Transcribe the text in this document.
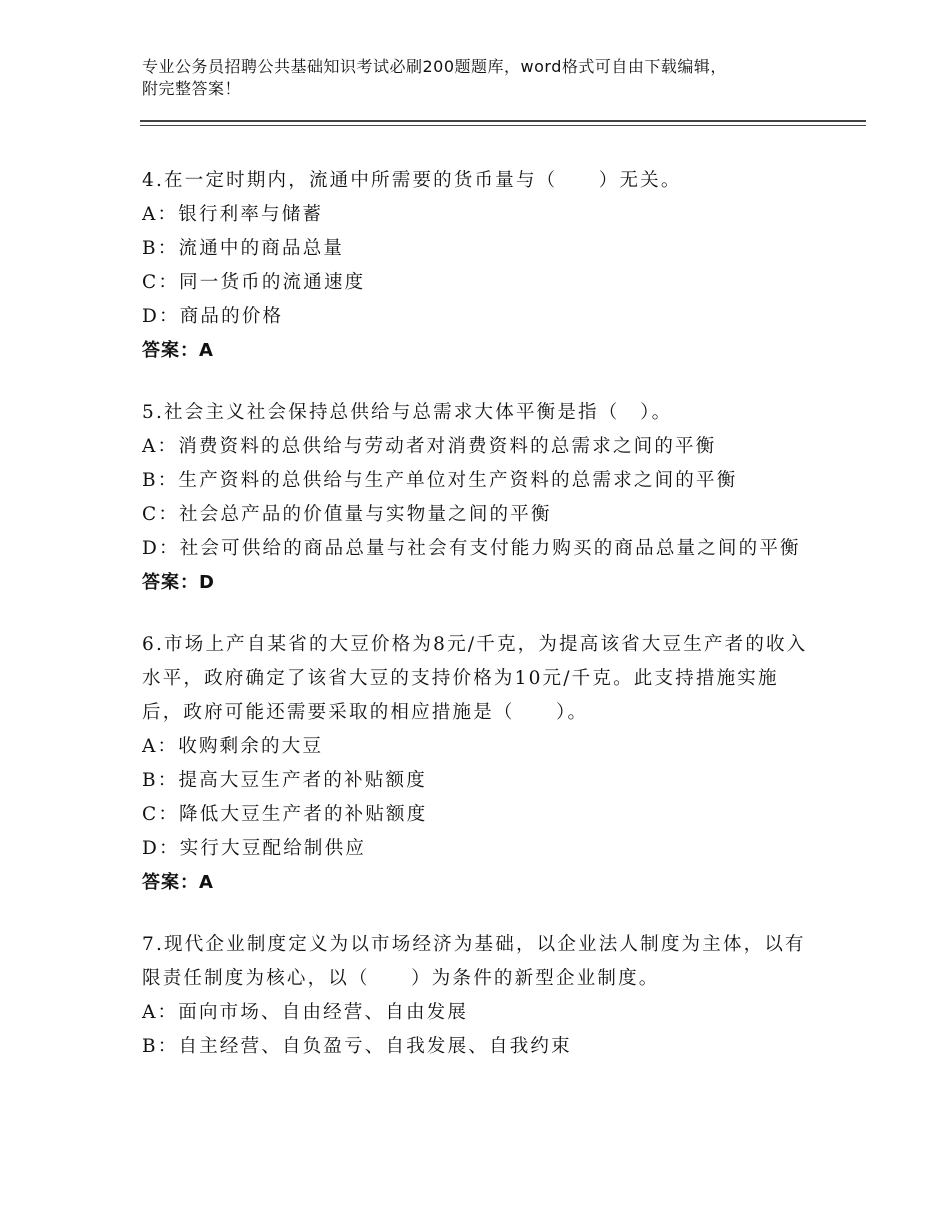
专业公务员招聘公共基础知识考试必刷200题题库，word格式可自由下载编辑，
附完整答案！

4.在一定时期内，流通中所需要的货币量与（　　）无关。

A：银行利率与储蓄

B：流通中的商品总量

C：同一货币的流通速度

D：商品的价格

答案：A

5.社会主义社会保持总供给与总需求大体平衡是指（　）。

A：消费资料的总供给与劳动者对消费资料的总需求之间的平衡

B：生产资料的总供给与生产单位对生产资料的总需求之间的平衡

C：社会总产品的价值量与实物量之间的平衡

D：社会可供给的商品总量与社会有支付能力购买的商品总量之间的平衡

答案：D

6.市场上产自某省的大豆价格为8元/千克，为提高该省大豆生产者的收入水平，政府确定了该省大豆的支持价格为10元/千克。此支持措施实施后，政府可能还需要采取的相应措施是（　　）。

A：收购剩余的大豆

B：提高大豆生产者的补贴额度

C：降低大豆生产者的补贴额度

D：实行大豆配给制供应

答案：A

7.现代企业制度定义为以市场经济为基础，以企业法人制度为主体，以有限责任制度为核心，以（　　）为条件的新型企业制度。

A：面向市场、自由经营、自由发展

B：自主经营、自负盈亏、自我发展、自我约束
